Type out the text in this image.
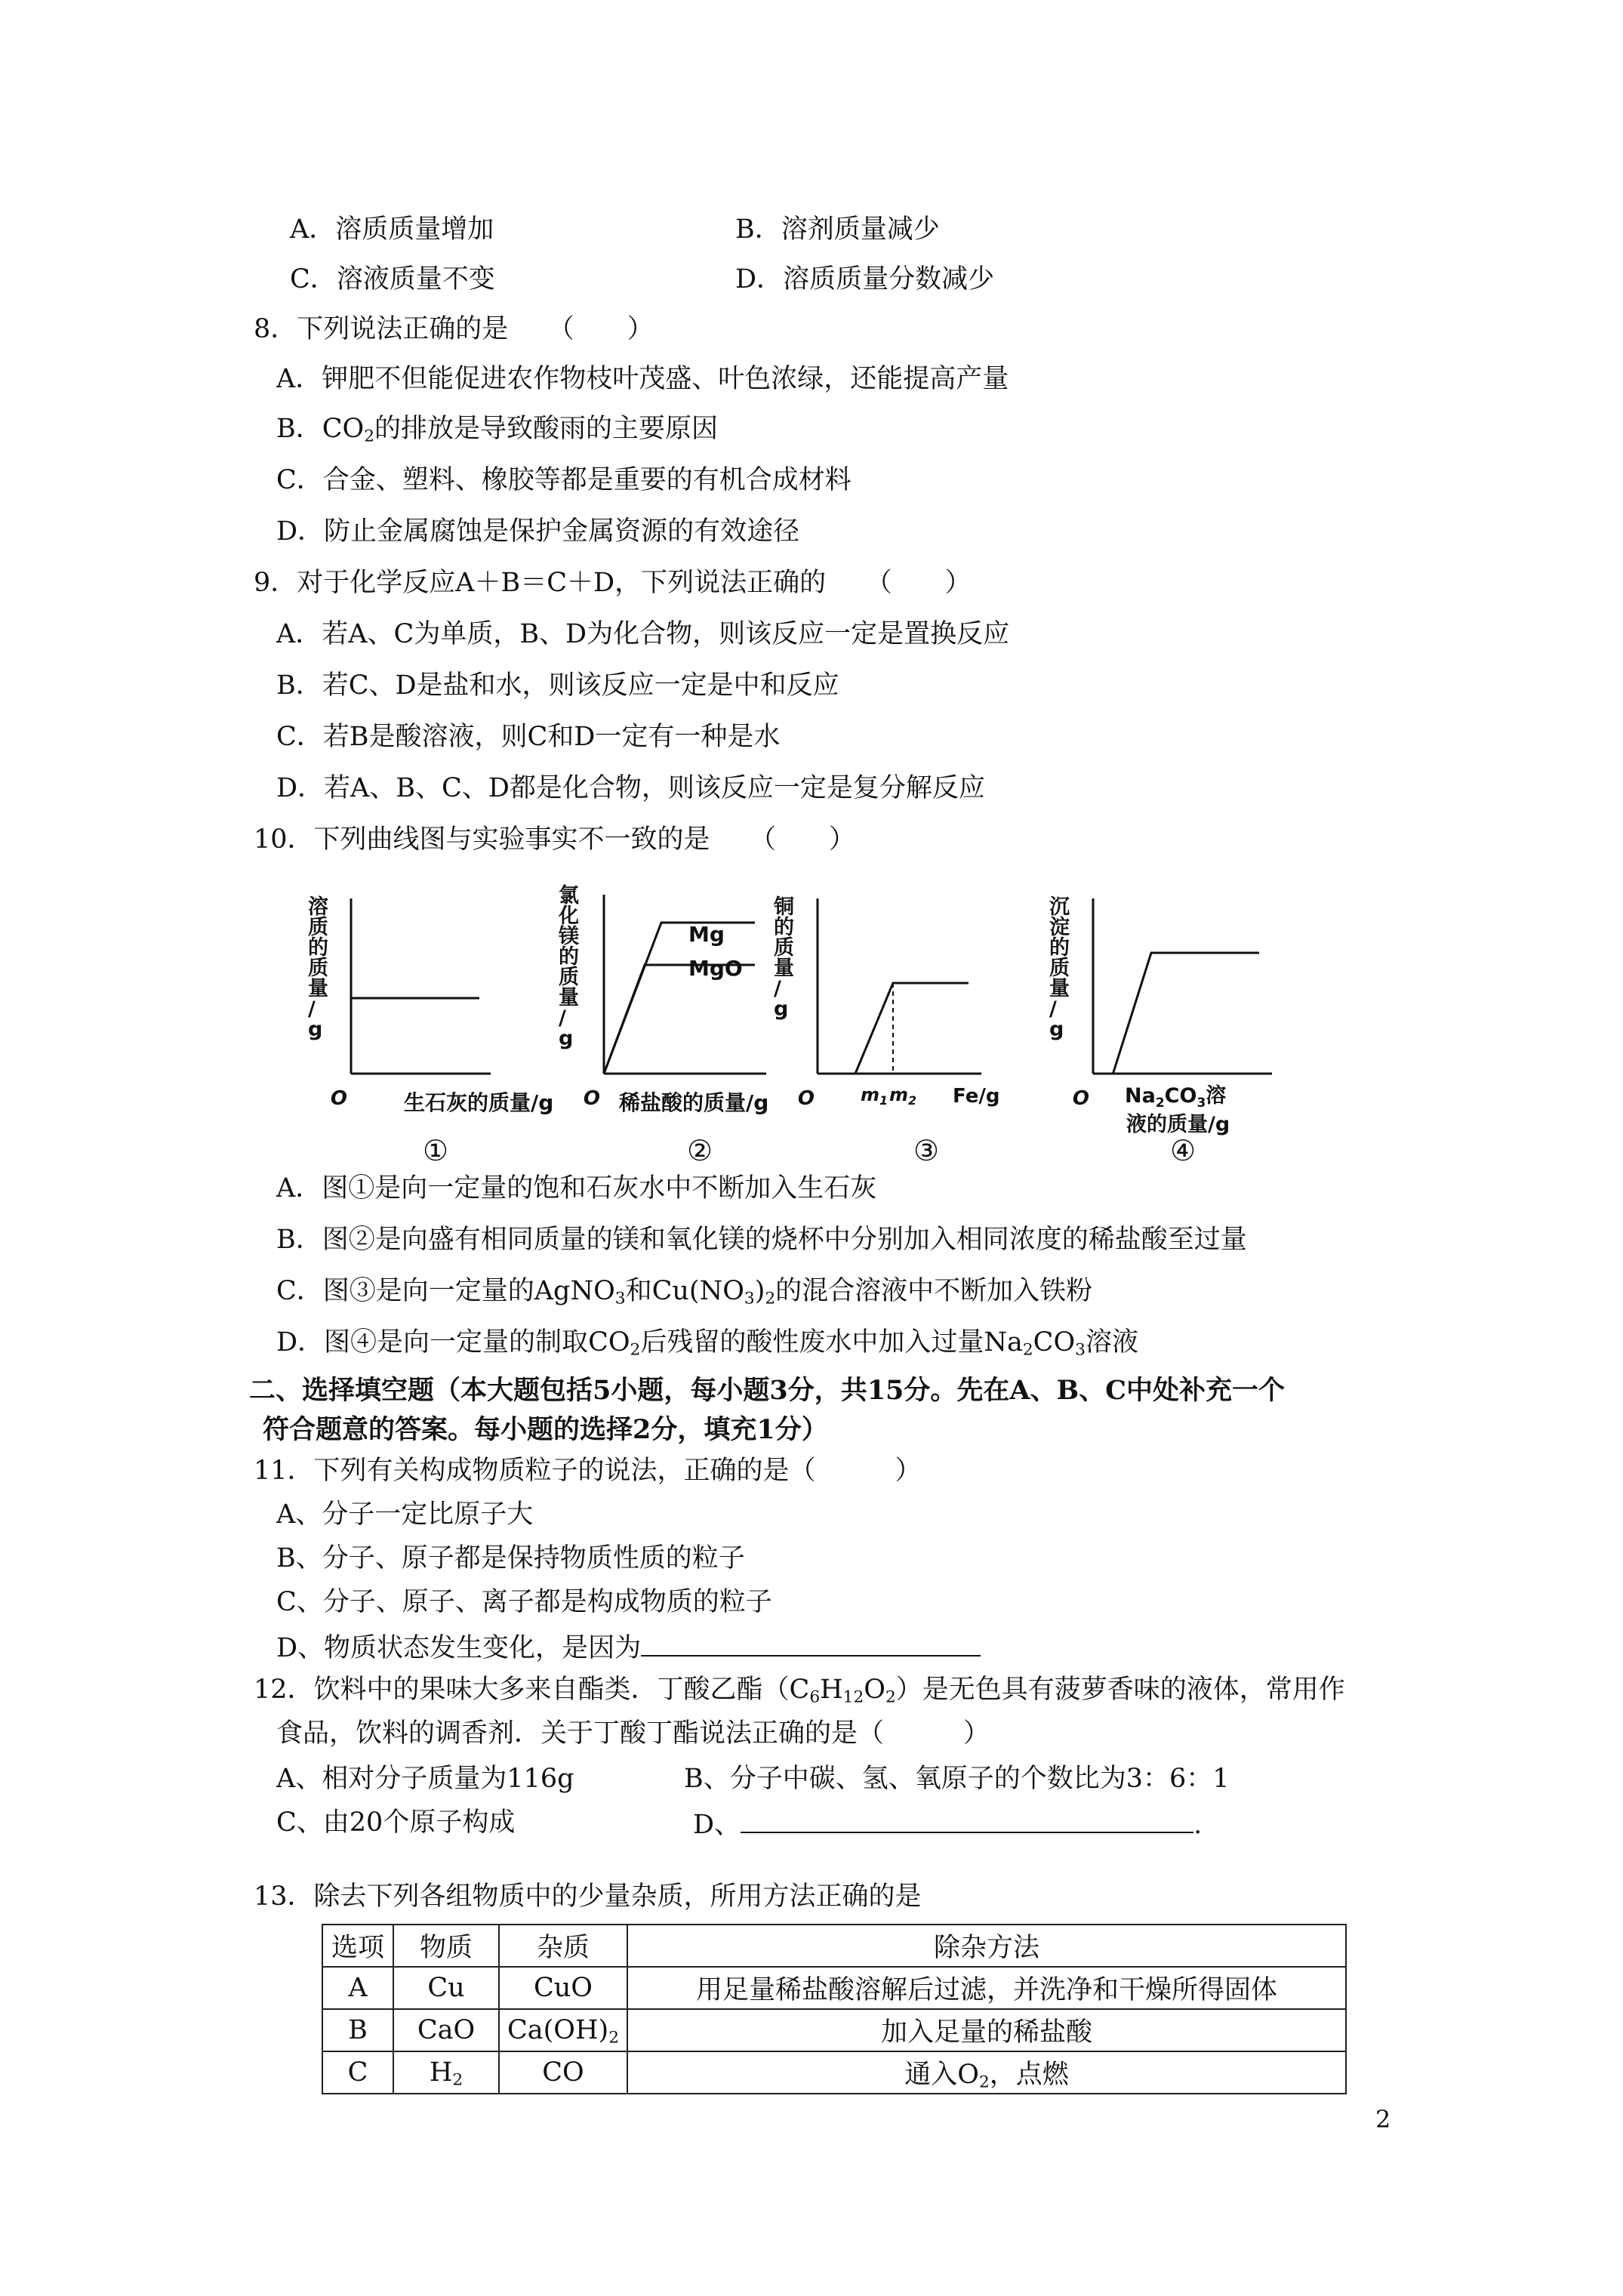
A．溶质质量增加	B．溶剂质量减少
C．溶液质量不变	D．溶质质量分数减少
8．下列说法正确的是　　（　　）
A．钾肥不但能促进农作物枝叶茂盛、叶色浓绿，还能提高产量
B．$CO_2$的排放是导致酸雨的主要原因
C．合金、塑料、橡胶等都是重要的有机合成材料
D．防止金属腐蚀是保护金属资源的有效途径
9．对于化学反应A＋B＝C＋D，下列说法正确的　　（　　）
A．若A、C为单质，B、D为化合物，则该反应一定是置换反应
B．若C、D是盐和水，则该反应一定是中和反应
C．若B是酸溶液，则C和D一定有一种是水
D．若A、B、C、D都是化合物，则该反应一定是复分解反应
10．下列曲线图与实验事实不一致的是　　（　　）
溶
质
的
质
量
/
g
O	生石灰的质量/g
①
氯
化
镁
的
质
量
/
g
Mg
MgO
O 稀盐酸的质量/g
②
铜
的
质
量
/
g
O	$m_1$ $m_2$ Fe/g
③
沉
淀
的
质
量
/
g
O $Na_2CO_3$溶
液的质量/g
④
A．图①是向一定量的饱和石灰水中不断加入生石灰
B．图②是向盛有相同质量的镁和氧化镁的烧杯中分别加入相同浓度的稀盐酸至过量
C．图③是向一定量的AgNO$_3$和$Cu(NO_3)_2$的混合溶液中不断加入铁粉
D．图④是向一定量的制取$CO_2$后残留的酸性废水中加入过量$Na_2CO_3$溶液
二、选择填空题（本大题包括5小题，每小题3分，共15分。先在A、B、C中处补充一个
符合题意的答案。每小题的选择2分，填充1分）
11．下列有关构成物质粒子的说法，正确的是（　　　）
A、分子一定比原子大
B、分子、原子都是保持物质性质的粒子
C、分子、原子、离子都是构成物质的粒子
D、物质状态发生变化，是因为
12．饮料中的果味大多来自酯类．丁酸乙酯$(C_6H_{12}O_2)$是无色具有菠萝香味的液体，常用作
食品，饮料的调香剂．关于丁酸丁酯说法正确的是（　　　）
A、相对分子质量为116g	B、分子中碳、氢、氧原子的个数比为3：6：1
C、由20个原子构成	D、	.
13．除去下列各组物质中的少量杂质，所用方法正确的是
选项	物质	杂质	除杂方法
A	Cu	CuO	用足量稀盐酸溶解后过滤，并洗净和干燥所得固体
B	CaO	$Ca(OH)_2$	加入足量的稀盐酸
C	$H_2$	CO	通入$O_2$，点燃
2
